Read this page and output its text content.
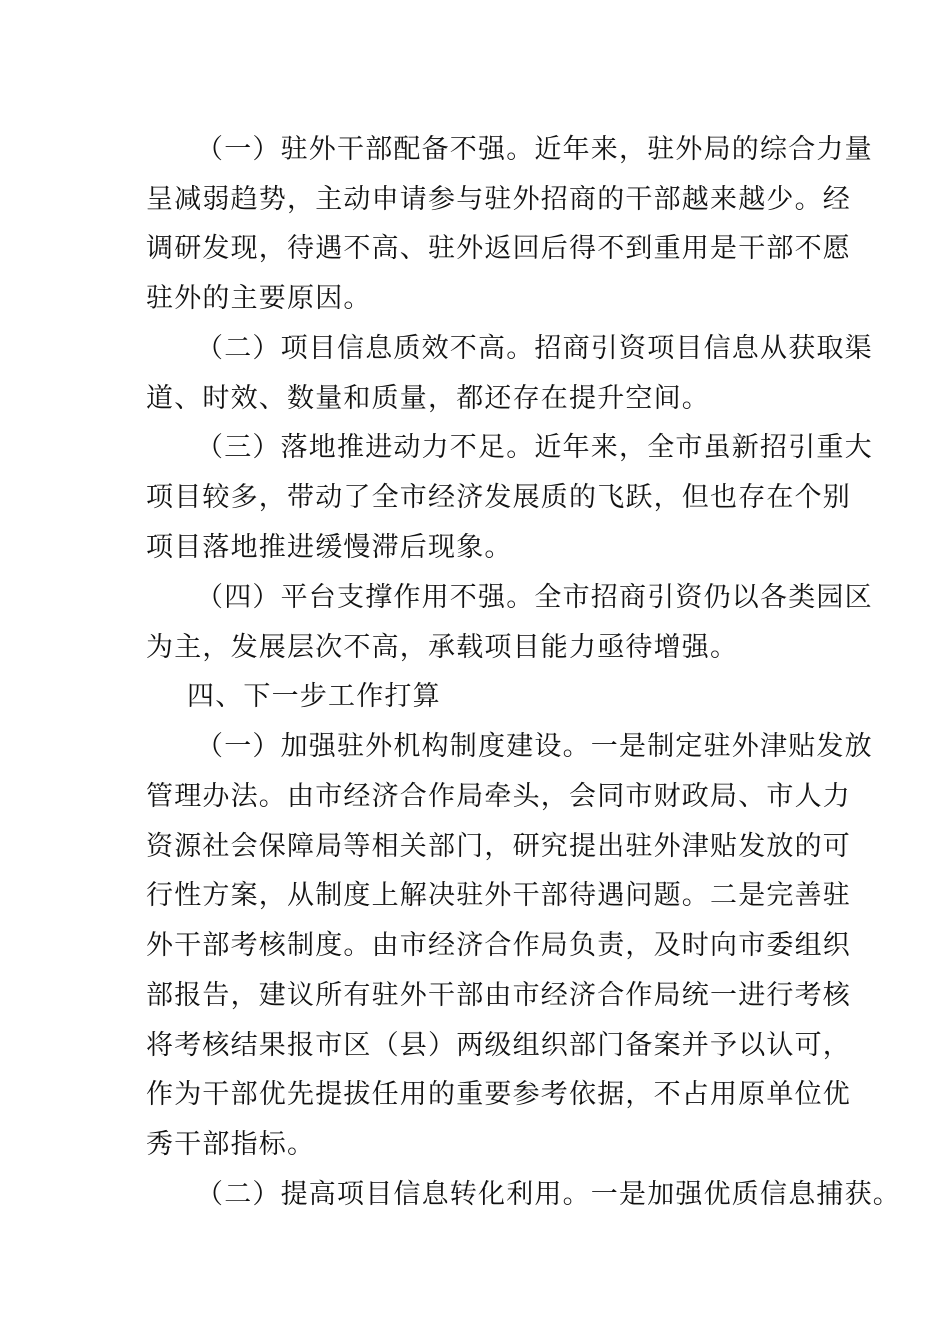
（一）驻外干部配备不强。近年来，驻外局的综合力量
呈减弱趋势，主动申请参与驻外招商的干部越来越少。经
调研发现，待遇不高、驻外返回后得不到重用是干部不愿
驻外的主要原因。
（二）项目信息质效不高。招商引资项目信息从获取渠
道、时效、数量和质量，都还存在提升空间。
（三）落地推进动力不足。近年来，全市虽新招引重大
项目较多，带动了全市经济发展质的飞跃，但也存在个别
项目落地推进缓慢滞后现象。
（四）平台支撑作用不强。全市招商引资仍以各类园区
为主，发展层次不高，承载项目能力亟待增强。
四、下一步工作打算
（一）加强驻外机构制度建设。一是制定驻外津贴发放
管理办法。由市经济合作局牵头，会同市财政局、市人力
资源社会保障局等相关部门，研究提出驻外津贴发放的可
行性方案，从制度上解决驻外干部待遇问题。二是完善驻
外干部考核制度。由市经济合作局负责，及时向市委组织
部报告，建议所有驻外干部由市经济合作局统一进行考核
将考核结果报市区（县）两级组织部门备案并予以认可，
作为干部优先提拔任用的重要参考依据，不占用原单位优
秀干部指标。
（二）提高项目信息转化利用。一是加强优质信息捕获。
